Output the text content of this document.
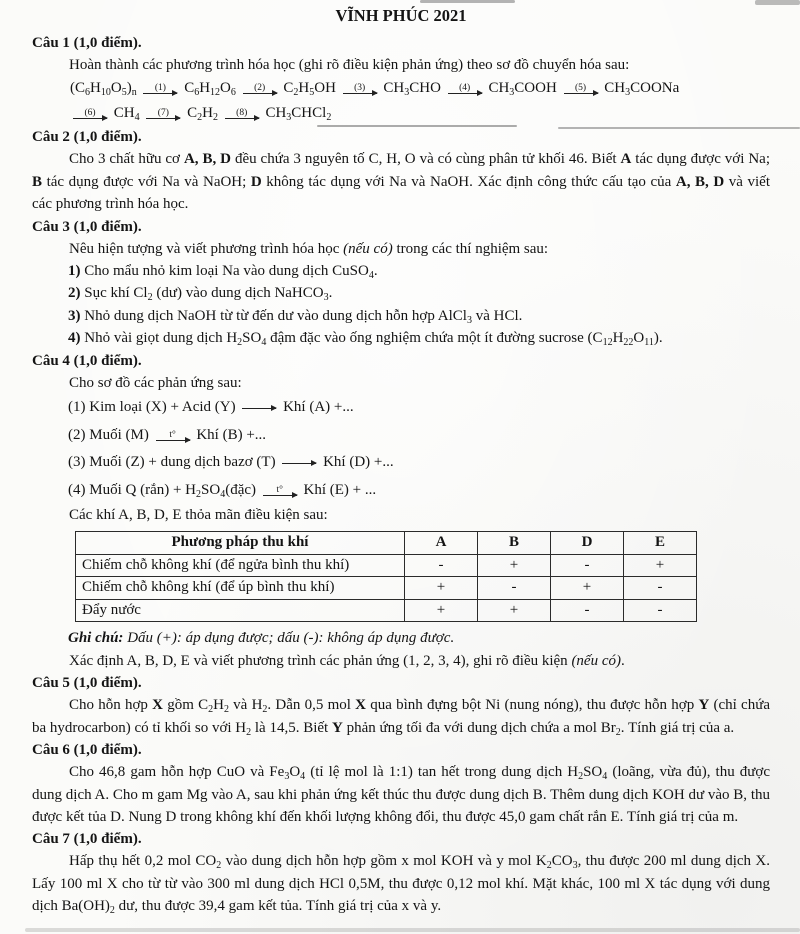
VĨNH PHÚC 2021
Câu 1 (1,0 điểm).

Hoàn thành các phương trình hóa học (ghi rõ điều kiện phản ứng) theo sơ đồ chuyển hóa sau:

$(C_6H_{10}O_5)_n$	(1) $C_6H_{12}O_6$	(2) $C_2H_5OH$	(3) $CH_3CHO$	(4) $CH_3COOH$	(5) $CH_3COONa$
(6) $CH_4$	(7) $C_2H_2$	(8) $CH_3CHCl_2$
Câu 2 (1,0 điểm).

Cho 3 chất hữu cơ A, B, D đều chứa 3 nguyên tố C, H, O và có cùng phân tử khối 46. Biết A tác dụng được với Na; B tác dụng được với Na và NaOH; D không tác dụng với Na và NaOH. Xác định công thức cấu tạo của A, B, D và viết các phương trình hóa học.

Câu 3 (1,0 điểm).

Nêu hiện tượng và viết phương trình hóa học (nếu có) trong các thí nghiệm sau:

1) Cho mẩu nhỏ kim loại Na vào dung dịch CuSO$_4$.

2) Sục khí $Cl_2$ (dư) vào dung dịch NaHCO$_3$.

3) Nhỏ dung dịch NaOH từ từ đến dư vào dung dịch hỗn hợp AlCl$_3$ và HCl.

4) Nhỏ vài giọt dung dịch $H_2SO_4$ đậm đặc vào ống nghiệm chứa một ít đường sucrose $(C_{12}H_{22}O_{11})$.

Câu 4 (1,0 điểm).

Cho sơ đồ các phản ứng sau:

(1) Kim loại (X) + Acid (Y)	Khí (A) +...
(2) Muối (M)	t°	Khí (B) +...
(3) Muối (Z) + dung dịch bazơ (T)	Khí (D) +...
(4) Muối Q (rắn) + $H_2SO_4(đặc)$	t°	Khí (E) + ...

Các khí A, B, D, E thỏa mãn điều kiện sau:

Phương pháp thu khí	A	B	D	E
Chiếm chỗ không khí (để ngửa bình thu khí)	-	+	-	+
Chiếm chỗ không khí (để úp bình thu khí)	+	-	+	-
Đẩy nước	+	+	-	-

Ghi chú: Dấu (+): áp dụng được; dấu (-): không áp dụng được.

Xác định A, B, D, E và viết phương trình các phản ứng (1, 2, 3, 4), ghi rõ điều kiện (nếu có).

Câu 5 (1,0 điểm).

Cho hỗn hợp X gồm $C_2H_2$ và $H_2$. Dẫn 0,5 mol X qua bình đựng bột Ni (nung nóng), thu được hỗn hợp Y (chỉ chứa ba hydrocarbon) có tỉ khối so với $H_2$ là 14,5. Biết Y phản ứng tối đa với dung dịch chứa a mol $Br_2$. Tính giá trị của a.

Câu 6 (1,0 điểm).

Cho 46,8 gam hỗn hợp CuO và $Fe_3O_4$ (tỉ lệ mol là 1:1) tan hết trong dung dịch $H_2SO_4$ (loãng, vừa đủ), thu được dung dịch A. Cho m gam Mg vào A, sau khi phản ứng kết thúc thu được dung dịch B. Thêm dung dịch KOH dư vào B, thu được kết tủa D. Nung D trong không khí đến khối lượng không đổi, thu được 45,0 gam chất rắn E. Tính giá trị của m.

Câu 7 (1,0 điểm).

Hấp thụ hết 0,2 mol $CO_2$ vào dung dịch hỗn hợp gồm x mol KOH và y mol $K_2CO_3$, thu được 200 ml dung dịch X. Lấy 100 ml X cho từ từ vào 300 ml dung dịch HCl 0,5M, thu được 0,12 mol khí. Mặt khác, 100 ml X tác dụng với dung dịch $Ba(OH)_2$ dư, thu được 39,4 gam kết tủa. Tính giá trị của x và y.
